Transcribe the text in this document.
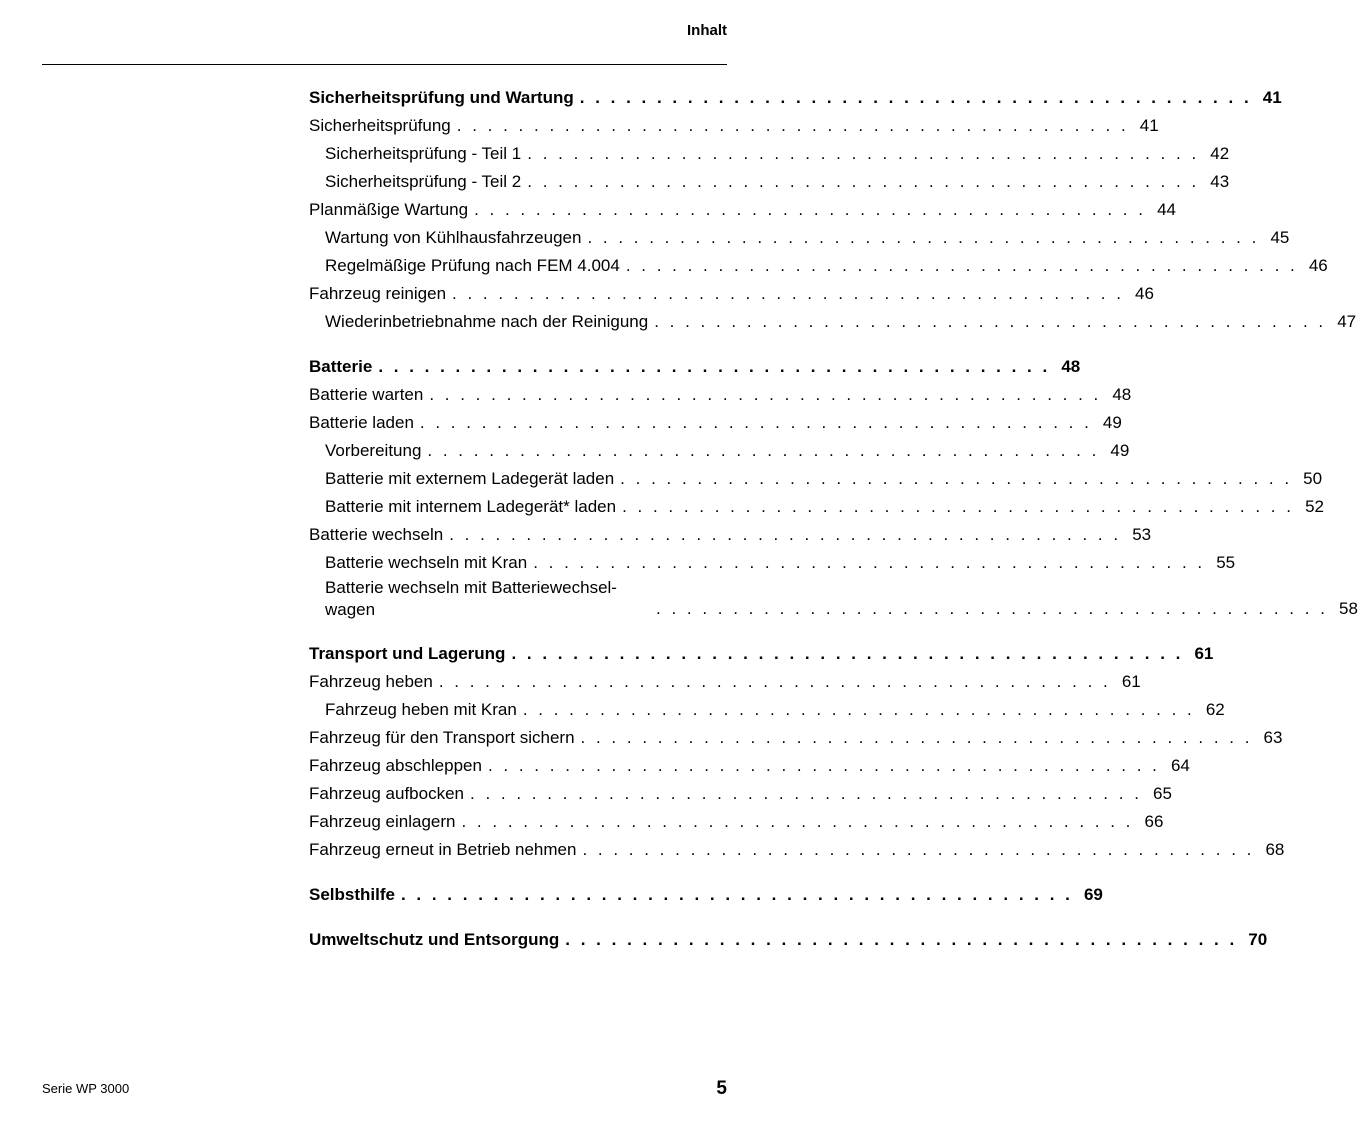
Inhalt
Sicherheitsprüfung und Wartung . . . . . . . . . . . . . . . . . . . . . . . . . . . . . . . . . . . . . . . . . . . . 41
Sicherheitsprüfung . . . . . . . . . . . . . . . . . . . . . . . . . . . . . . . . . . . . . . . . . . . . 41
Sicherheitsprüfung - Teil 1 . . . . . . . . . . . . . . . . . . . . . . . . . . . . . . . . . . . . . . . . . . . . 42
Sicherheitsprüfung - Teil 2 . . . . . . . . . . . . . . . . . . . . . . . . . . . . . . . . . . . . . . . . . . . . 43
Planmäßige Wartung . . . . . . . . . . . . . . . . . . . . . . . . . . . . . . . . . . . . . . . . . . . . 44
Wartung von Kühlhausfahrzeugen . . . . . . . . . . . . . . . . . . . . . . . . . . . . . . . . . . . . . . . . . . . . 45
Regelmäßige Prüfung nach FEM 4.004 . . . . . . . . . . . . . . . . . . . . . . . . . . . . . . . . . . . . . . . . . . . . 46
Fahrzeug reinigen . . . . . . . . . . . . . . . . . . . . . . . . . . . . . . . . . . . . . . . . . . . . 46
Wiederinbetriebnahme nach der Reinigung . . . . . . . . . . . . . . . . . . . . . . . . . . . . . . . . . . . . . . . . . . . . 47
Batterie . . . . . . . . . . . . . . . . . . . . . . . . . . . . . . . . . . . . . . . . . . . . 48
Batterie warten . . . . . . . . . . . . . . . . . . . . . . . . . . . . . . . . . . . . . . . . . . . . 48
Batterie laden . . . . . . . . . . . . . . . . . . . . . . . . . . . . . . . . . . . . . . . . . . . . 49
Vorbereitung . . . . . . . . . . . . . . . . . . . . . . . . . . . . . . . . . . . . . . . . . . . . 49
Batterie mit externem Ladegerät laden . . . . . . . . . . . . . . . . . . . . . . . . . . . . . . . . . . . . . . . . . . . . 50
Batterie mit internem Ladegerät* laden . . . . . . . . . . . . . . . . . . . . . . . . . . . . . . . . . . . . . . . . . . . . 52
Batterie wechseln . . . . . . . . . . . . . . . . . . . . . . . . . . . . . . . . . . . . . . . . . . . . 53
Batterie wechseln mit Kran . . . . . . . . . . . . . . . . . . . . . . . . . . . . . . . . . . . . . . . . . . . . 55
Batterie wechseln mit Batteriewechsel-
wagen	. . . . . . . . . . . . . . . . . . . . . . . . . . . . . . . . . . . . . . . . . . . . 58
Transport und Lagerung . . . . . . . . . . . . . . . . . . . . . . . . . . . . . . . . . . . . . . . . . . . . 61
Fahrzeug heben . . . . . . . . . . . . . . . . . . . . . . . . . . . . . . . . . . . . . . . . . . . . 61
Fahrzeug heben mit Kran . . . . . . . . . . . . . . . . . . . . . . . . . . . . . . . . . . . . . . . . . . . . 62
Fahrzeug für den Transport sichern . . . . . . . . . . . . . . . . . . . . . . . . . . . . . . . . . . . . . . . . . . . . 63
Fahrzeug abschleppen . . . . . . . . . . . . . . . . . . . . . . . . . . . . . . . . . . . . . . . . . . . . 64
Fahrzeug aufbocken . . . . . . . . . . . . . . . . . . . . . . . . . . . . . . . . . . . . . . . . . . . . 65
Fahrzeug einlagern . . . . . . . . . . . . . . . . . . . . . . . . . . . . . . . . . . . . . . . . . . . . 66
Fahrzeug erneut in Betrieb nehmen . . . . . . . . . . . . . . . . . . . . . . . . . . . . . . . . . . . . . . . . . . . . 68
Selbsthilfe . . . . . . . . . . . . . . . . . . . . . . . . . . . . . . . . . . . . . . . . . . . . 69
Umweltschutz und Entsorgung . . . . . . . . . . . . . . . . . . . . . . . . . . . . . . . . . . . . . . . . . . . . 70
Serie WP 3000	5
